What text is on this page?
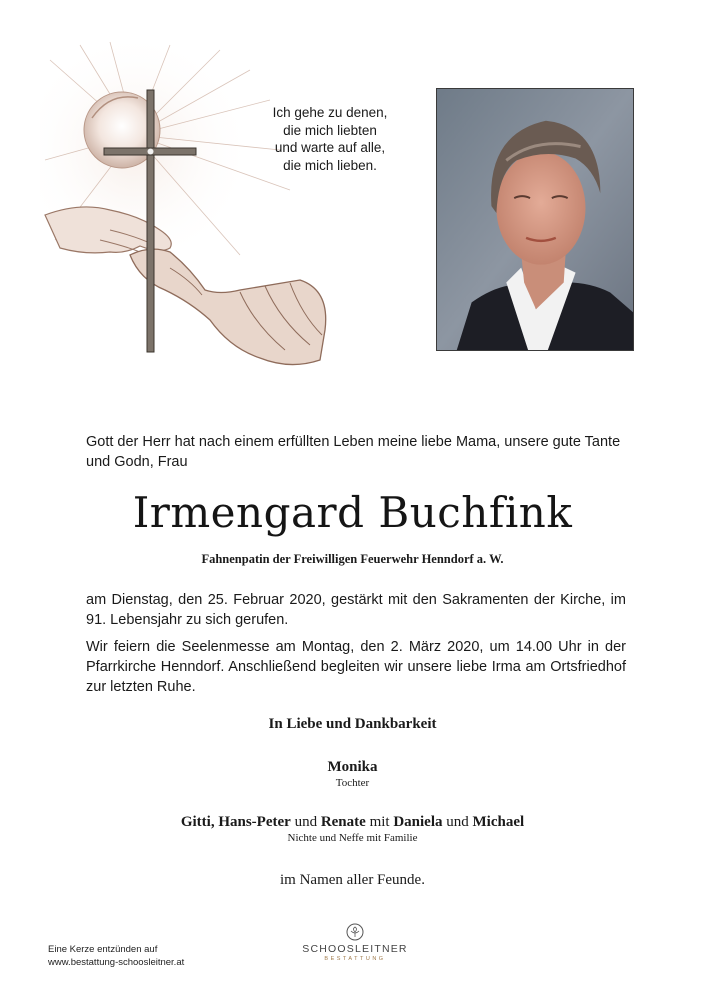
Ich gehe zu denen,
die mich liebten
und warte auf alle,
die mich lieben.
Gott der Herr hat nach einem erfüllten Leben meine liebe Mama, unsere gute Tante und Godn, Frau
Irmengard Buchfink
Fahnenpatin der Freiwilligen Feuerwehr Henndorf a. W.
am Dienstag, den 25. Februar 2020, gestärkt mit den Sakramenten der Kirche, im 91. Lebensjahr zu sich gerufen.
Wir feiern die Seelenmesse am Montag, den 2. März 2020, um 14.00 Uhr in der Pfarrkirche Henndorf. Anschließend begleiten wir unsere liebe Irma am Ortsfriedhof zur letzten Ruhe.
In Liebe und Dankbarkeit
Monika
Tochter
Gitti, Hans-Peter und Renate mit Daniela und Michael
Nichte und Neffe mit Familie
im Namen aller Feunde.
Eine Kerze entzünden auf
www.bestattung-schoosleitner.at
SCHOOSLEITNER
BESTATTUNG
